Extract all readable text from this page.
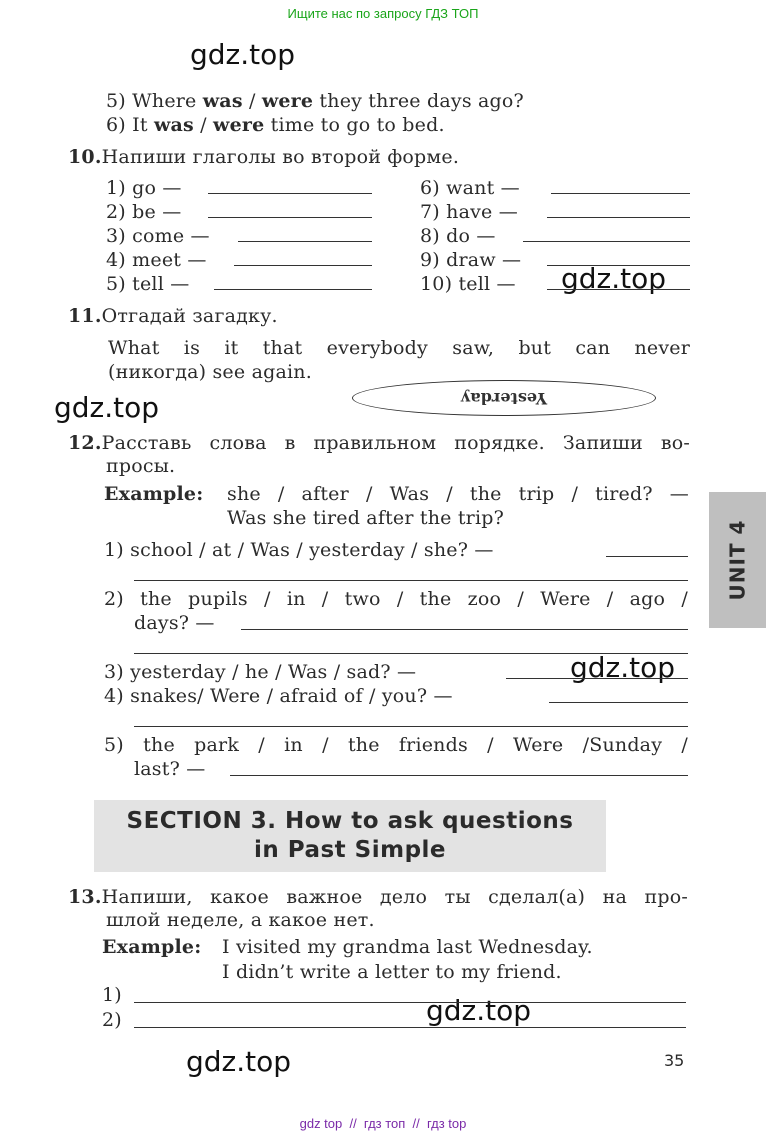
Ищите нас по запросу ГДЗ ТОП
gdz.top
gdz.top
gdz.top
gdz.top
gdz.top
gdz.top
5) Where was / were they three days ago?
6) It was / were time to go to bed.
10.Напиши глаголы во второй форме.
1) go —
2) be —
3) come —
4) meet —
5) tell —
6) want —
7) have —
8) do —
9) draw —
10) tell —
11.Отгадай загадку.
What is it that everybody saw, but can never
(никогда) see again.
Yesterday
12.Расставь слова в правильном порядке. Запиши во-
просы.
Example: she / after / Was / the trip / tired? —
Was she tired after the trip?
1) school / at / Was / yesterday / she? —
2) the pupils / in / two / the zoo / Were / ago /
days? —
3) yesterday / he / Was / sad? —
4) snakes/ Were / afraid of / you? —
5) the park / in / the friends / Were /Sunday /
last? —
SECTION 3. How to ask questions
in Past Simple
13.Напиши, какое важное дело ты сделал(а) на про-
шлой неделе, а какое нет.
Example: I visited my grandma last Wednesday.
I didn’t write a letter to my friend.
1)
2)
UNIT 4
35
gdz top  //  гдз топ  //  гдз top
